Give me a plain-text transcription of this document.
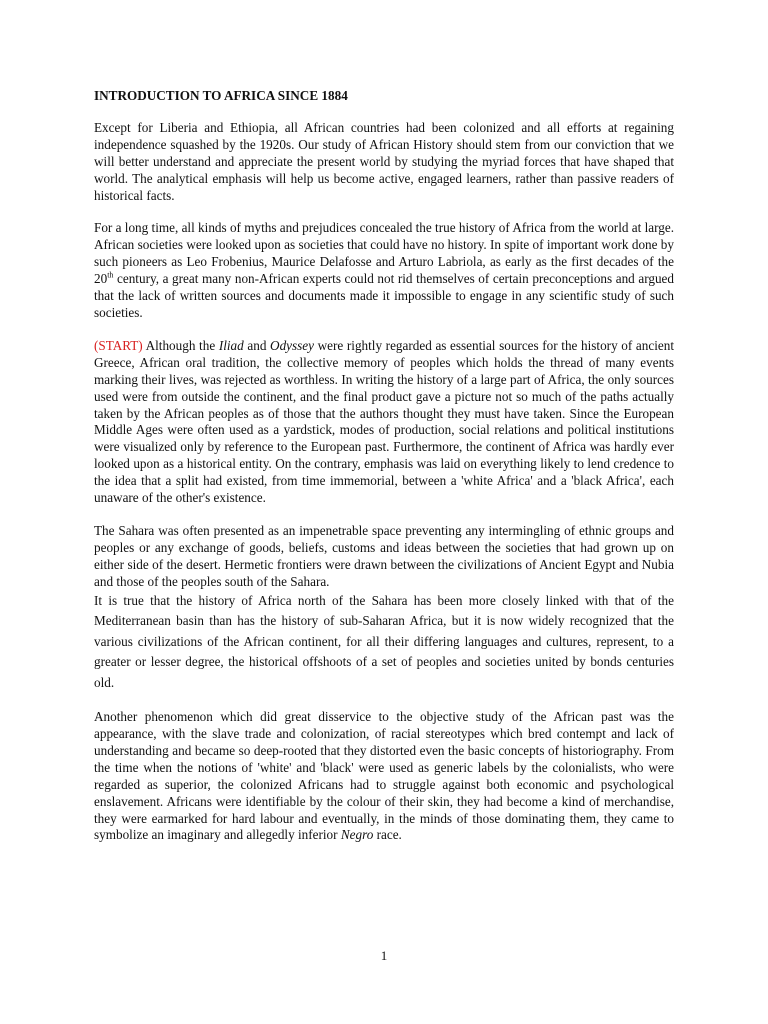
INTRODUCTION TO AFRICA SINCE 1884

Except for Liberia and Ethiopia, all African countries had been colonized and all efforts at regaining independence squashed by the 1920s. Our study of African History should stem from our conviction that we will better understand and appreciate the present world by studying the myriad forces that have shaped that world. The analytical emphasis will help us become active, engaged learners, rather than passive readers of historical facts.

For a long time, all kinds of myths and prejudices concealed the true history of Africa from the world at large. African societies were looked upon as societies that could have no history. In spite of important work done by such pioneers as Leo Frobenius, Maurice Delafosse and Arturo Labriola, as early as the first decades of the 20th century, a great many non-African experts could not rid themselves of certain preconceptions and argued that the lack of written sources and documents made it impossible to engage in any scientific study of such societies.

(START) Although the Iliad and Odyssey were rightly regarded as essential sources for the history of ancient Greece, African oral tradition, the collective memory of peoples which holds the thread of many events marking their lives, was rejected as worthless. In writing the history of a large part of Africa, the only sources used were from outside the continent, and the final product gave a picture not so much of the paths actually taken by the African peoples as of those that the authors thought they must have taken. Since the European Middle Ages were often used as a yardstick, modes of production, social relations and political institutions were visualized only by reference to the European past. Furthermore, the continent of Africa was hardly ever looked upon as a historical entity. On the contrary, emphasis was laid on everything likely to lend credence to the idea that a split had existed, from time immemorial, between a 'white Africa' and a 'black Africa', each unaware of the other's existence.

The Sahara was often presented as an impenetrable space preventing any intermingling of ethnic groups and peoples or any exchange of goods, beliefs, customs and ideas between the societies that had grown up on either side of the desert. Hermetic frontiers were drawn between the civilizations of Ancient Egypt and Nubia and those of the peoples south of the Sahara.

It is true that the history of Africa north of the Sahara has been more closely linked with that of the Mediterranean basin than has the history of sub-Saharan Africa, but it is now widely recognized that the various civilizations of the African continent, for all their differing languages and cultures, represent, to a greater or lesser degree, the historical offshoots of a set of peoples and societies united by bonds centuries old.

Another phenomenon which did great disservice to the objective study of the African past was the appearance, with the slave trade and colonization, of racial stereotypes which bred contempt and lack of understanding and became so deep-rooted that they distorted even the basic concepts of historiography. From the time when the notions of 'white' and 'black' were used as generic labels by the colonialists, who were regarded as superior, the colonized Africans had to struggle against both economic and psychological enslavement. Africans were identifiable by the colour of their skin, they had become a kind of merchandise, they were earmarked for hard labour and eventually, in the minds of those dominating them, they came to symbolize an imaginary and allegedly inferior Negro race.

1
